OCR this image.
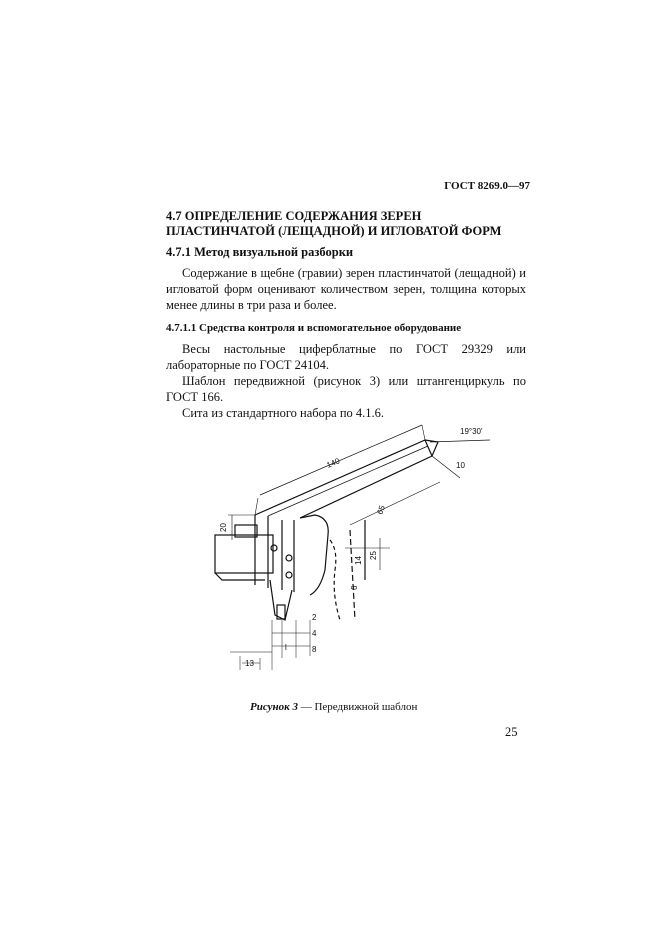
ГОСТ 8269.0—97
4.7 ОПРЕДЕЛЕНИЕ СОДЕРЖАНИЯ ЗЕРЕН ПЛАСТИНЧАТОЙ (ЛЕЩАДНОЙ) И ИГЛОВАТОЙ ФОРМ
4.7.1 Метод визуальной разборки
Содержание в щебне (гравии) зерен пластинчатой (лещадной) и игловатой форм оценивают количеством зерен, толщина которых менее длины в три раза и более.
4.7.1.1 Средства контроля и вспомогательное оборудование

Весы настольные циферблатные по ГОСТ 29329 или лабораторные по ГОСТ 24104.

Шаблон передвижной (рисунок 3) или штангенциркуль по ГОСТ 166.

Сита из стандартного набора по 4.1.6.

140
19°30'
10
65
20
25
14
6
2
4
8
l
13
Рисунок 3 — Передвижной шаблон
25
